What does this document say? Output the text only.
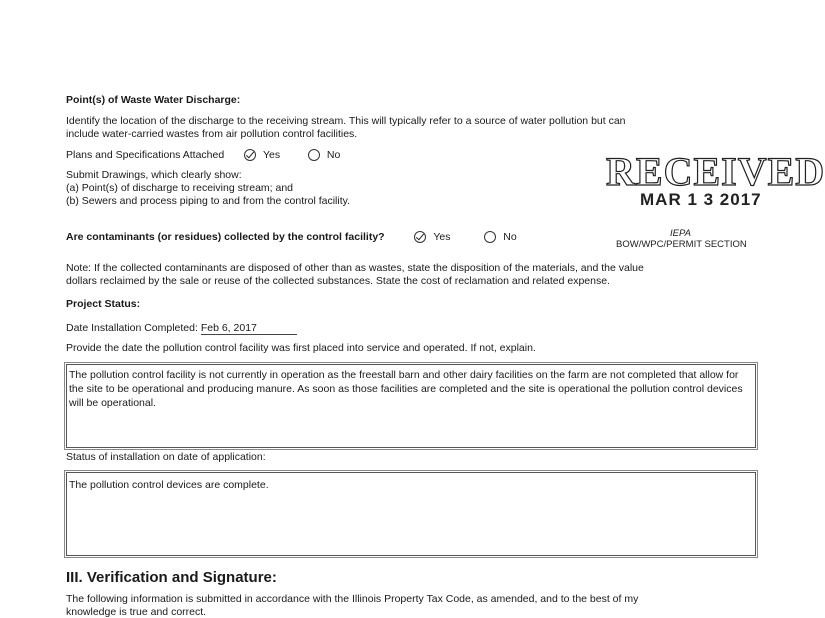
Point(s) of Waste Water Discharge:
Identify the location of the discharge to the receiving stream. This will typically refer to a source of water pollution but can
include water-carried wastes from air pollution control facilities.
Plans and Specifications Attached	Yes	No
Submit Drawings, which clearly show:
(a) Point(s) of discharge to receiving stream; and
(b) Sewers and process piping to and from the control facility.
RECEIVED
MAR 1 3 2017
IEPA
BOW/WPC/PERMIT SECTION
Are contaminants (or residues) collected by the control facility?	Yes	No
Note: If the collected contaminants are disposed of other than as wastes, state the disposition of the materials, and the value
dollars reclaimed by the sale or reuse of the collected substances. State the cost of reclamation and related expense.
Project Status:
Date Installation Completed: Feb 6, 2017
Provide the date the pollution control facility was first placed into service and operated. If not, explain.
The pollution control facility is not currently in operation as the freestall barn and other dairy facilities on the farm are not completed that allow for the site to be operational and producing manure. As soon as those facilities are completed and the site is operational the pollution control devices will be operational.
Status of installation on date of application:
The pollution control devices are complete.
III. Verification and Signature:
The following information is submitted in accordance with the Illinois Property Tax Code, as amended, and to the best of my
knowledge is true and correct.
